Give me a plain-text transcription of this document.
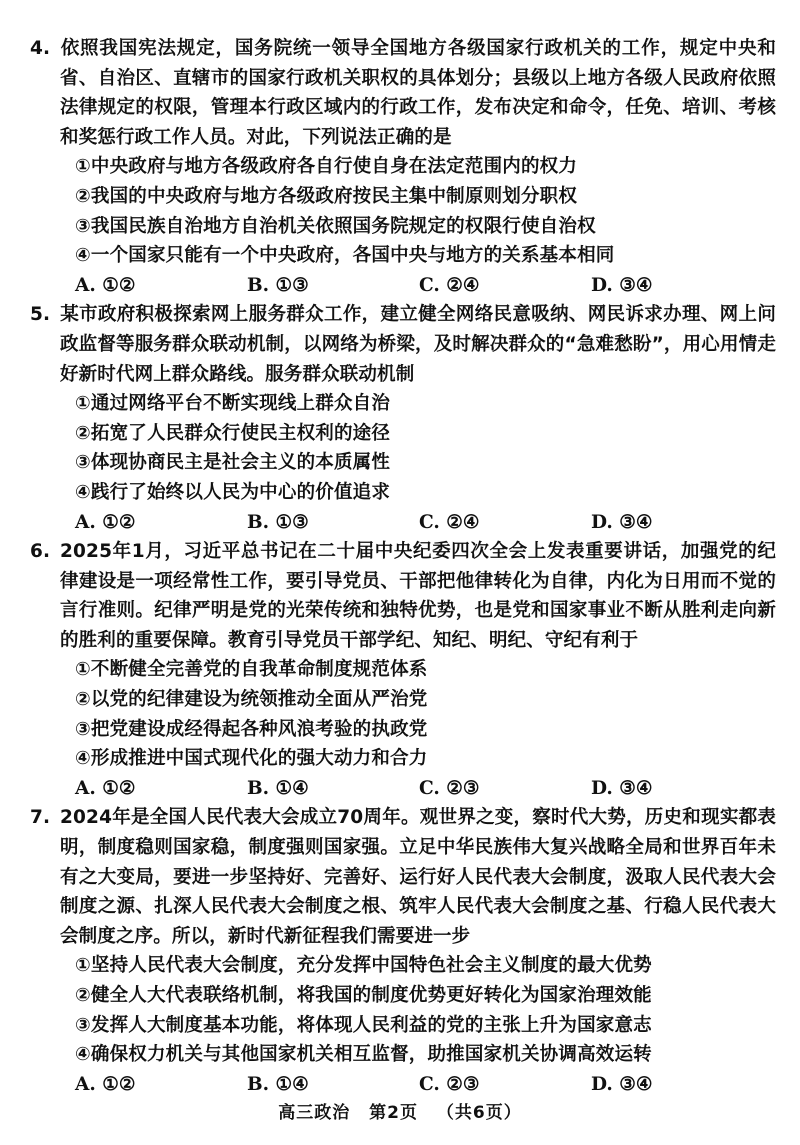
4. 依照我国宪法规定，国务院统一领导全国地方各级国家行政机关的工作，规定中央和省、自治区、直辖市的国家行政机关职权的具体划分；县级以上地方各级人民政府依照法律规定的权限，管理本行政区域内的行政工作，发布决定和命令，任免、培训、考核和奖惩行政工作人员。对此，下列说法正确的是
①中央政府与地方各级政府各自行使自身在法定范围内的权力
②我国的中央政府与地方各级政府按民主集中制原则划分职权
③我国民族自治地方自治机关依照国务院规定的权限行使自治权
④一个国家只能有一个中央政府，各国中央与地方的关系基本相同
A. ①②	B. ①③	C. ②④	D. ③④
5. 某市政府积极探索网上服务群众工作，建立健全网络民意吸纳、网民诉求办理、网上问政监督等服务群众联动机制，以网络为桥梁，及时解决群众的“急难愁盼”，用心用情走好新时代网上群众路线。服务群众联动机制
①通过网络平台不断实现线上群众自治
②拓宽了人民群众行使民主权利的途径
③体现协商民主是社会主义的本质属性
④践行了始终以人民为中心的价值追求
A. ①②	B. ①③	C. ②④	D. ③④
6. 2025年1月，习近平总书记在二十届中央纪委四次全会上发表重要讲话，加强党的纪律建设是一项经常性工作，要引导党员、干部把他律转化为自律，内化为日用而不觉的言行准则。纪律严明是党的光荣传统和独特优势，也是党和国家事业不断从胜利走向新的胜利的重要保障。教育引导党员干部学纪、知纪、明纪、守纪有利于
①不断健全完善党的自我革命制度规范体系
②以党的纪律建设为统领推动全面从严治党
③把党建设成经得起各种风浪考验的执政党
④形成推进中国式现代化的强大动力和合力
A. ①②	B. ①④	C. ②③	D. ③④
7. 2024年是全国人民代表大会成立70周年。观世界之变，察时代大势，历史和现实都表明，制度稳则国家稳，制度强则国家强。立足中华民族伟大复兴战略全局和世界百年未有之大变局，要进一步坚持好、完善好、运行好人民代表大会制度，汲取人民代表大会制度之源、扎深人民代表大会制度之根、筑牢人民代表大会制度之基、行稳人民代表大会制度之序。所以，新时代新征程我们需要进一步
①坚持人民代表大会制度，充分发挥中国特色社会主义制度的最大优势
②健全人大代表联络机制，将我国的制度优势更好转化为国家治理效能
③发挥人大制度基本功能，将体现人民利益的党的主张上升为国家意志
④确保权力机关与其他国家机关相互监督，助推国家机关协调高效运转
A. ①②	B. ①④	C. ②③	D. ③④
高三政治 第2页 （共6页）
